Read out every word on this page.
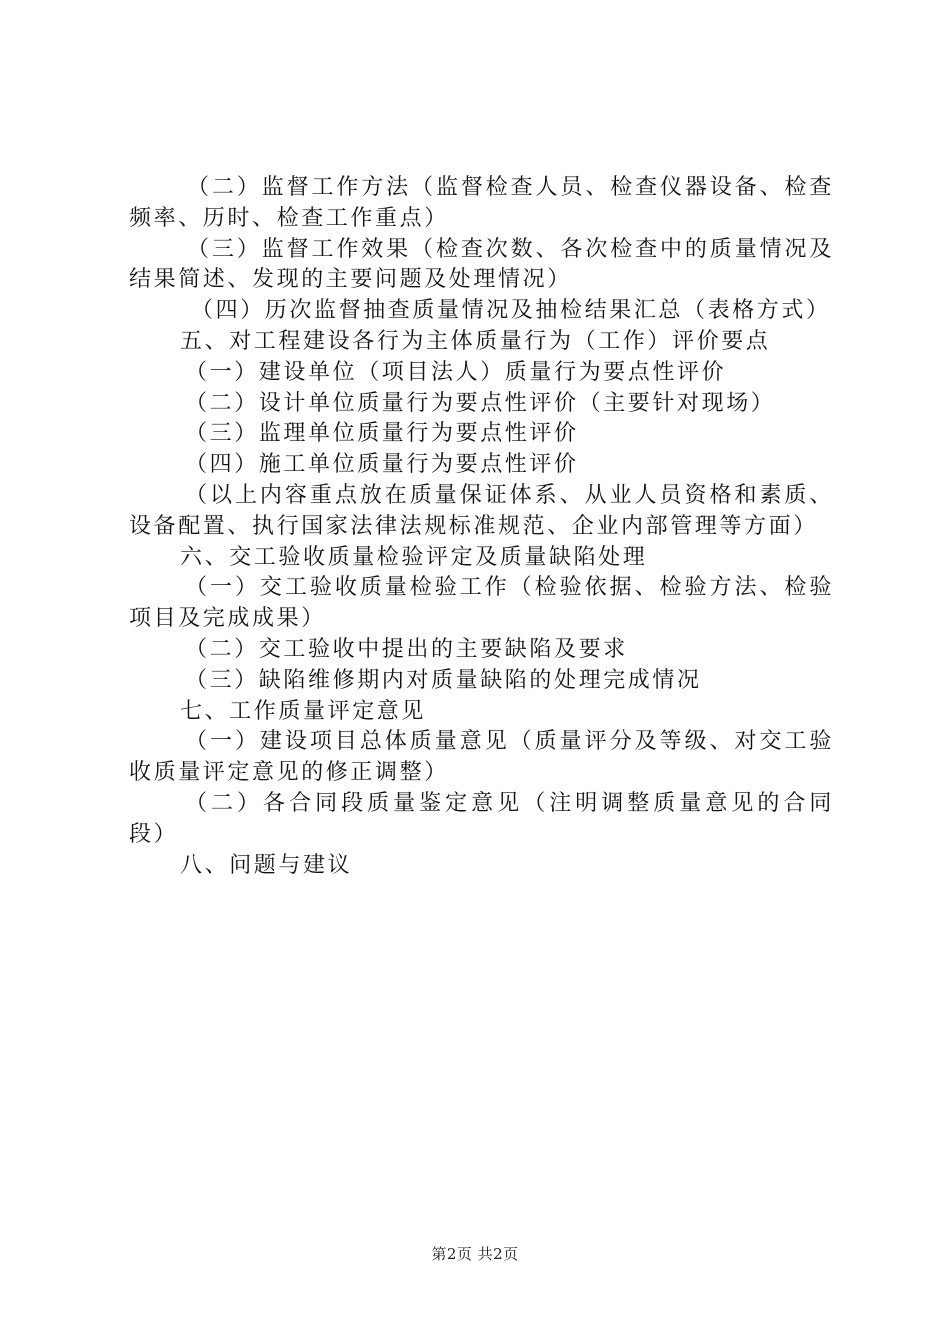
（二）监督工作方法（监督检查人员、检查仪器设备、检查频率、历时、检查工作重点）

（三）监督工作效果（检查次数、各次检查中的质量情况及结果简述、发现的主要问题及处理情况）

（四）历次监督抽查质量情况及抽检结果汇总（表格方式）

五、对工程建设各行为主体质量行为（工作）评价要点

（一）建设单位（项目法人）质量行为要点性评价

（二）设计单位质量行为要点性评价（主要针对现场）

（三）监理单位质量行为要点性评价

（四）施工单位质量行为要点性评价

（以上内容重点放在质量保证体系、从业人员资格和素质、设备配置、执行国家法律法规标准规范、企业内部管理等方面）

六、交工验收质量检验评定及质量缺陷处理

（一）交工验收质量检验工作（检验依据、检验方法、检验项目及完成成果）

（二）交工验收中提出的主要缺陷及要求

（三）缺陷维修期内对质量缺陷的处理完成情况

七、工作质量评定意见

（一）建设项目总体质量意见（质量评分及等级、对交工验收质量评定意见的修正调整）

（二）各合同段质量鉴定意见（注明调整质量意见的合同段）

八、问题与建议

第2页 共2页
